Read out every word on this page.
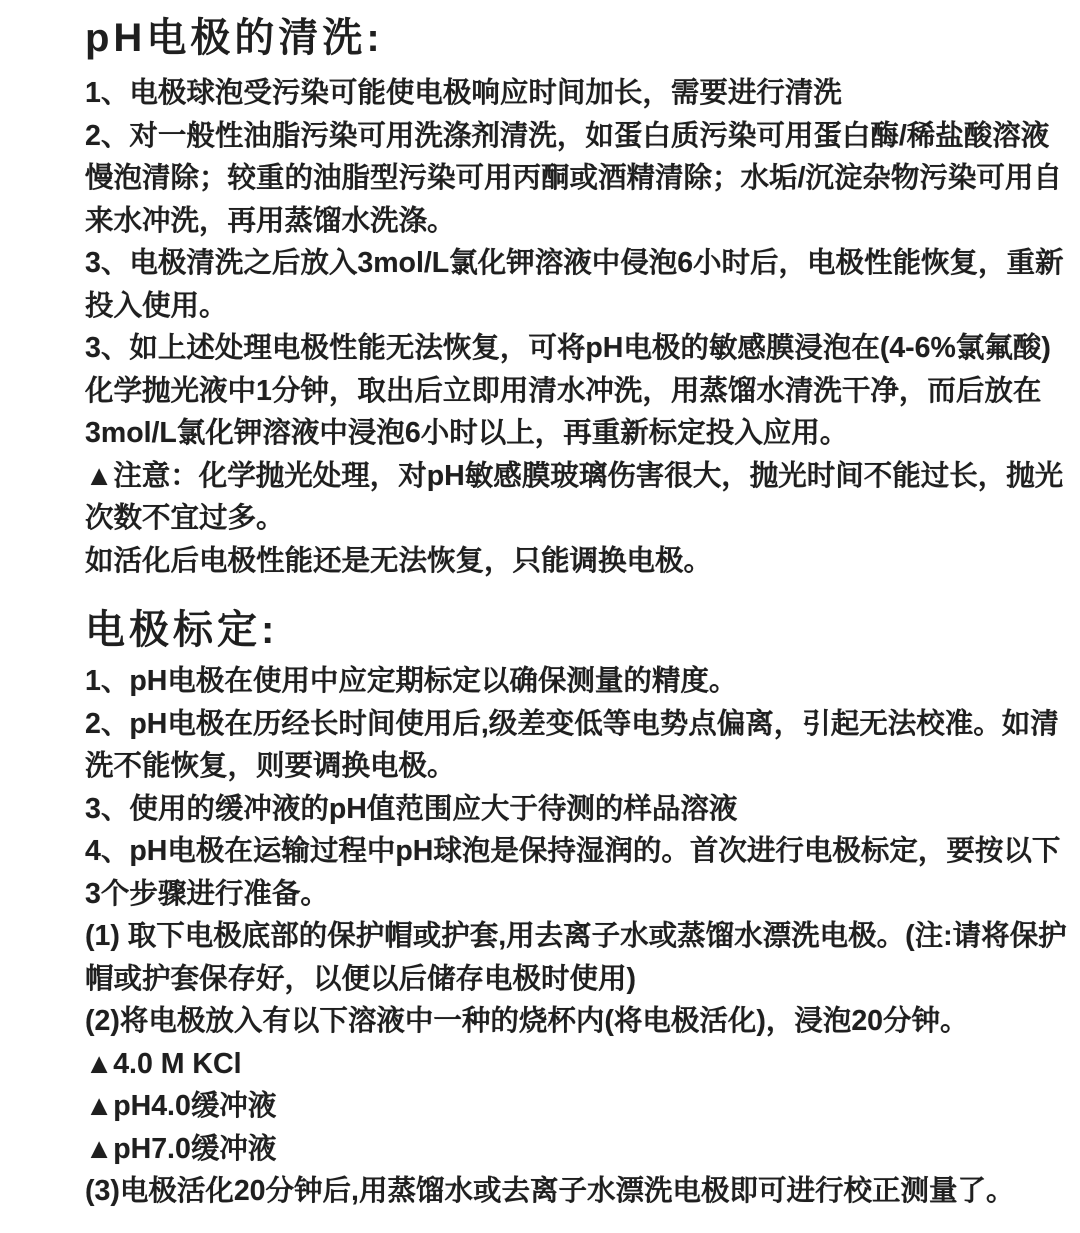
pH电极的清洗:
1、电极球泡受污染可能使电极响应时间加长，需要进行清洗
2、对一般性油脂污染可用洗涤剂清洗，如蛋白质污染可用蛋白酶/稀盐酸溶液
慢泡清除；较重的油脂型污染可用丙酮或酒精清除；水垢/沉淀杂物污染可用自
来水冲洗，再用蒸馏水洗涤。
3、电极清洗之后放入3mol/L氯化钾溶液中侵泡6小时后，电极性能恢复，重新
投入使用。
3、如上述处理电极性能无法恢复，可将pH电极的敏感膜浸泡在(4-6%氯氟酸)
化学抛光液中1分钟，取出后立即用清水冲洗，用蒸馏水清洗干净，而后放在
3mol/L氯化钾溶液中浸泡6小时以上，再重新标定投入应用。
▲注意：化学抛光处理，对pH敏感膜玻璃伤害很大，抛光时间不能过长，抛光
次数不宜过多。
如活化后电极性能还是无法恢复，只能调换电极。
电极标定:
1、pH电极在使用中应定期标定以确保测量的精度。
2、pH电极在历经长时间使用后,级差变低等电势点偏离，引起无法校准。如清
洗不能恢复，则要调换电极。
3、使用的缓冲液的pH值范围应大于待测的样品溶液
4、pH电极在运输过程中pH球泡是保持湿润的。首次进行电极标定，要按以下
3个步骤进行准备。
(1) 取下电极底部的保护帽或护套,用去离子水或蒸馏水漂洗电极。(注:请将保护
帽或护套保存好，以便以后储存电极时使用)
(2)将电极放入有以下溶液中一种的烧杯内(将电极活化)，浸泡20分钟。
▲4.0 M KCl
▲pH4.0缓冲液
▲pH7.0缓冲液
(3)电极活化20分钟后,用蒸馏水或去离子水漂洗电极即可进行校正测量了。
